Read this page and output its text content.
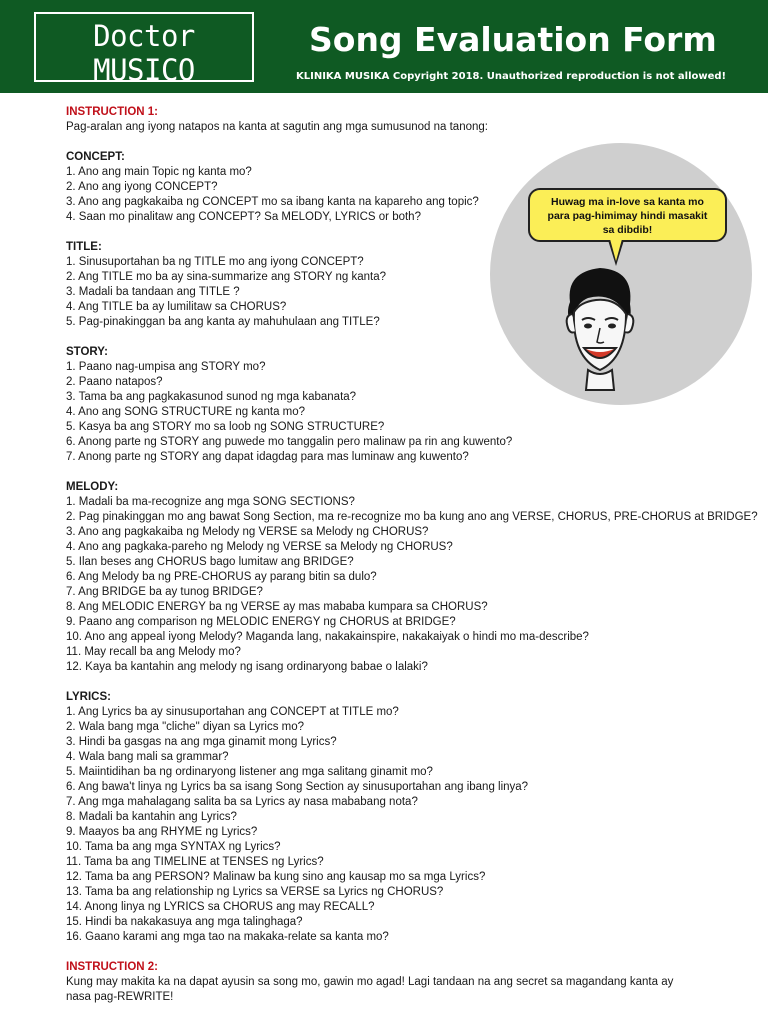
Doctor MUSICO
“Ang Music Mentor ng Bayan”
Song Evaluation Form
KLINIKA MUSIKA Copyright 2018. Unauthorized reproduction is not allowed!
Huwag ma in-love sa kanta mo
para pag-himimay hindi masakit
sa dibdib!

INSTRUCTION 1:

Pag-aralan ang iyong natapos na kanta at sagutin ang mga sumusunod na tanong:

CONCEPT:

1. Ano ang main Topic ng kanta mo?

2. Ano ang iyong CONCEPT?

3. Ano ang pagkakaiba ng CONCEPT mo sa ibang kanta na kapareho ang topic?

4. Saan mo pinalitaw ang CONCEPT? Sa MELODY, LYRICS or both?

TITLE:

1. Sinusuportahan ba ng TITLE mo ang iyong CONCEPT?

2. Ang TITLE mo ba ay sina-summarize ang STORY ng kanta?

3. Madali ba tandaan ang TITLE ?

4. Ang TITLE ba ay lumilitaw sa CHORUS?

5. Pag-pinakinggan ba ang kanta ay mahuhulaan ang TITLE?

STORY:

1. Paano nag-umpisa ang STORY mo?

2. Paano natapos?

3. Tama ba ang pagkakasunod sunod ng mga kabanata?

4. Ano ang SONG STRUCTURE ng kanta mo?

5. Kasya ba ang STORY mo sa loob ng SONG STRUCTURE?

6. Anong parte ng STORY ang puwede mo tanggalin pero malinaw pa rin ang kuwento?

7. Anong parte ng STORY ang dapat idagdag para mas luminaw ang kuwento?

MELODY:

1. Madali ba ma-recognize ang mga SONG SECTIONS?

2. Pag pinakinggan mo ang bawat Song Section, ma re-recognize mo ba kung ano ang VERSE, CHORUS, PRE-CHORUS at BRIDGE?

3. Ano ang pagkakaiba ng Melody ng VERSE sa Melody ng CHORUS?

4. Ano ang pagkaka-pareho ng Melody ng VERSE sa Melody ng CHORUS?

5. Ilan beses ang CHORUS bago lumitaw ang BRIDGE?

6. Ang Melody ba ng PRE-CHORUS ay parang bitin sa dulo?

7. Ang BRIDGE ba ay tunog BRIDGE?

8. Ang MELODIC ENERGY ba ng VERSE ay mas mababa kumpara sa CHORUS?

9. Paano ang comparison ng MELODIC ENERGY ng CHORUS at BRIDGE?

10. Ano ang appeal iyong Melody? Maganda lang, nakakainspire, nakakaiyak o hindi mo ma-describe?

11. May recall ba ang Melody mo?

12. Kaya ba kantahin ang melody ng isang ordinaryong babae o lalaki?

LYRICS:

1. Ang Lyrics ba ay sinusuportahan ang CONCEPT at TITLE mo?

2. Wala bang mga "cliche" diyan sa Lyrics mo?

3. Hindi ba gasgas na ang mga ginamit mong Lyrics?

4. Wala bang mali sa grammar?

5. Maiintidihan ba ng ordinaryong listener ang mga salitang ginamit mo?

6. Ang bawa't linya ng Lyrics ba sa isang Song Section ay sinusuportahan ang ibang linya?

7. Ang mga mahalagang salita ba sa Lyrics ay nasa mababang nota?

8. Madali ba kantahin ang Lyrics?

9. Maayos ba ang RHYME ng Lyrics?

10. Tama ba ang mga SYNTAX ng Lyrics?

11. Tama ba ang TIMELINE at TENSES ng Lyrics?

12. Tama ba ang PERSON? Malinaw ba kung sino ang kausap mo sa mga Lyrics?

13. Tama ba ang relationship ng Lyrics sa VERSE sa Lyrics ng CHORUS?

14. Anong linya ng LYRICS sa CHORUS ang may RECALL?

15. Hindi ba nakakasuya ang mga talinghaga?

16. Gaano karami ang mga tao na makaka-relate sa kanta mo?

INSTRUCTION 2:

Kung may makita ka na dapat ayusin sa song mo, gawin mo agad! Lagi tandaan na ang secret sa magandang kanta ay

nasa pag-REWRITE!
